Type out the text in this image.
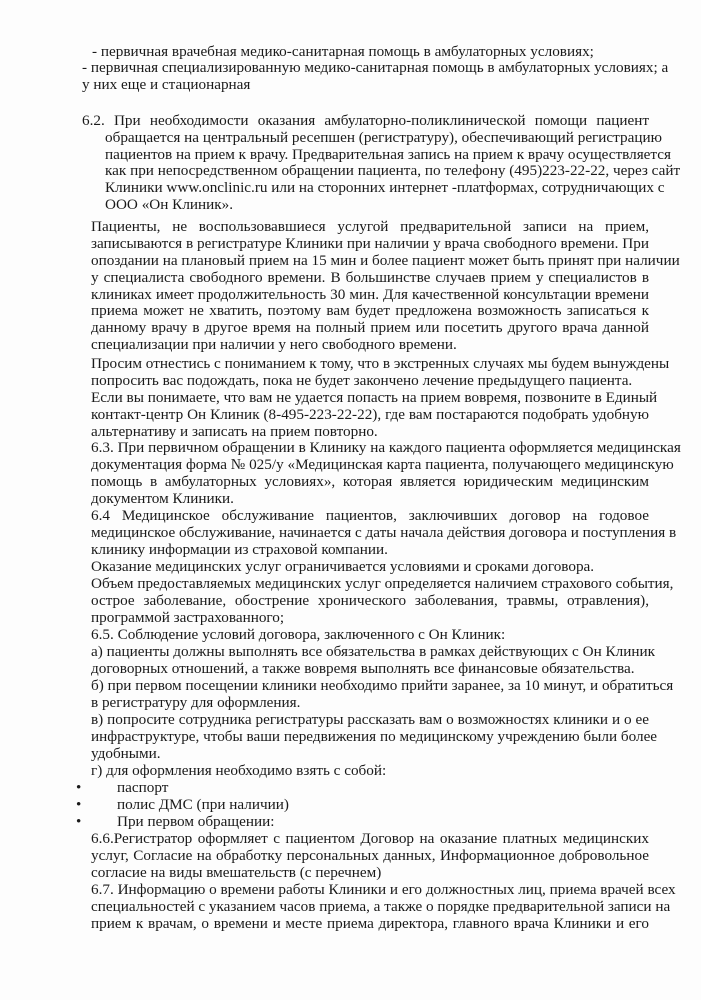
- первичная врачебная медико-санитарная помощь в амбулаторных условиях;
- первичная специализированную медико-санитарная помощь в амбулаторных условиях; а
у них еще и стационарная
6.2. При необходимости оказания амбулаторно-поликлинической помощи пациент
обращается на центральный ресепшен (регистратуру), обеспечивающий регистрацию
пациентов на прием к врачу. Предварительная запись на прием к врачу осуществляется
как при непосредственном обращении пациента, по телефону (495)223-22-22, через сайт
Клиники www.onclinic.ru или на сторонних интернет -платформах, сотрудничающих с
ООО «Он Клиник».
Пациенты, не воспользовавшиеся услугой предварительной записи на прием,
записываются в регистратуре Клиники при наличии у врача свободного времени. При
опоздании на плановый прием на 15 мин и более пациент может быть принят при наличии
у специалиста свободного времени. В большинстве случаев прием у специалистов в
клиниках имеет продолжительность 30 мин. Для качественной консультации времени
приема может не хватить, поэтому вам будет предложена возможность записаться к
данному врачу в другое время на полный прием или посетить другого врача данной
специализации при наличии у него свободного времени.
Просим отнестись с пониманием к тому, что в экстренных случаях мы будем вынуждены
попросить вас подождать, пока не будет закончено лечение предыдущего пациента.
Если вы понимаете, что вам не удается попасть на прием вовремя, позвоните в Единый
контакт-центр Он Клиник (8-495-223-22-22), где вам постараются подобрать удобную
альтернативу и записать на прием повторно.
6.3. При первичном обращении в Клинику на каждого пациента оформляется медицинская
документация форма № 025/у «Медицинская карта пациента, получающего медицинскую
помощь в амбулаторных условиях», которая является юридическим медицинским
документом Клиники.
6.4 Медицинское обслуживание пациентов, заключивших договор на годовое
медицинское обслуживание, начинается с даты начала действия договора и поступления в
клинику информации из страховой компании.
Оказание медицинских услуг ограничивается условиями и сроками договора.
Объем предоставляемых медицинских услуг определяется наличием страхового события,
острое заболевание, обострение хронического заболевания, травмы, отравления),
программой застрахованного;
6.5. Соблюдение условий договора, заключенного с Он Клиник:
а) пациенты должны выполнять все обязательства в рамках действующих с Он Клиник
договорных отношений, а также вовремя выполнять все финансовые обязательства.
б) при первом посещении клиники необходимо прийти заранее, за 10 минут, и обратиться
в регистратуру для оформления.
в) попросите сотрудника регистратуры рассказать вам о возможностях клиники и о ее
инфраструктуре, чтобы ваши передвижения по медицинскому учреждению были более
удобными.
г) для оформления необходимо взять с собой:
• паспорт
• полис ДМС (при наличии)
• При первом обращении:
6.6.Регистратор оформляет с пациентом Договор на оказание платных медицинских
услуг, Согласие на обработку персональных данных, Информационное добровольное
согласие на виды вмешательств (с перечнем)
6.7. Информацию о времени работы Клиники и его должностных лиц, приема врачей всех
специальностей с указанием часов приема, а также о порядке предварительной записи на
прием к врачам, о времени и месте приема директора, главного врача Клиники и его
